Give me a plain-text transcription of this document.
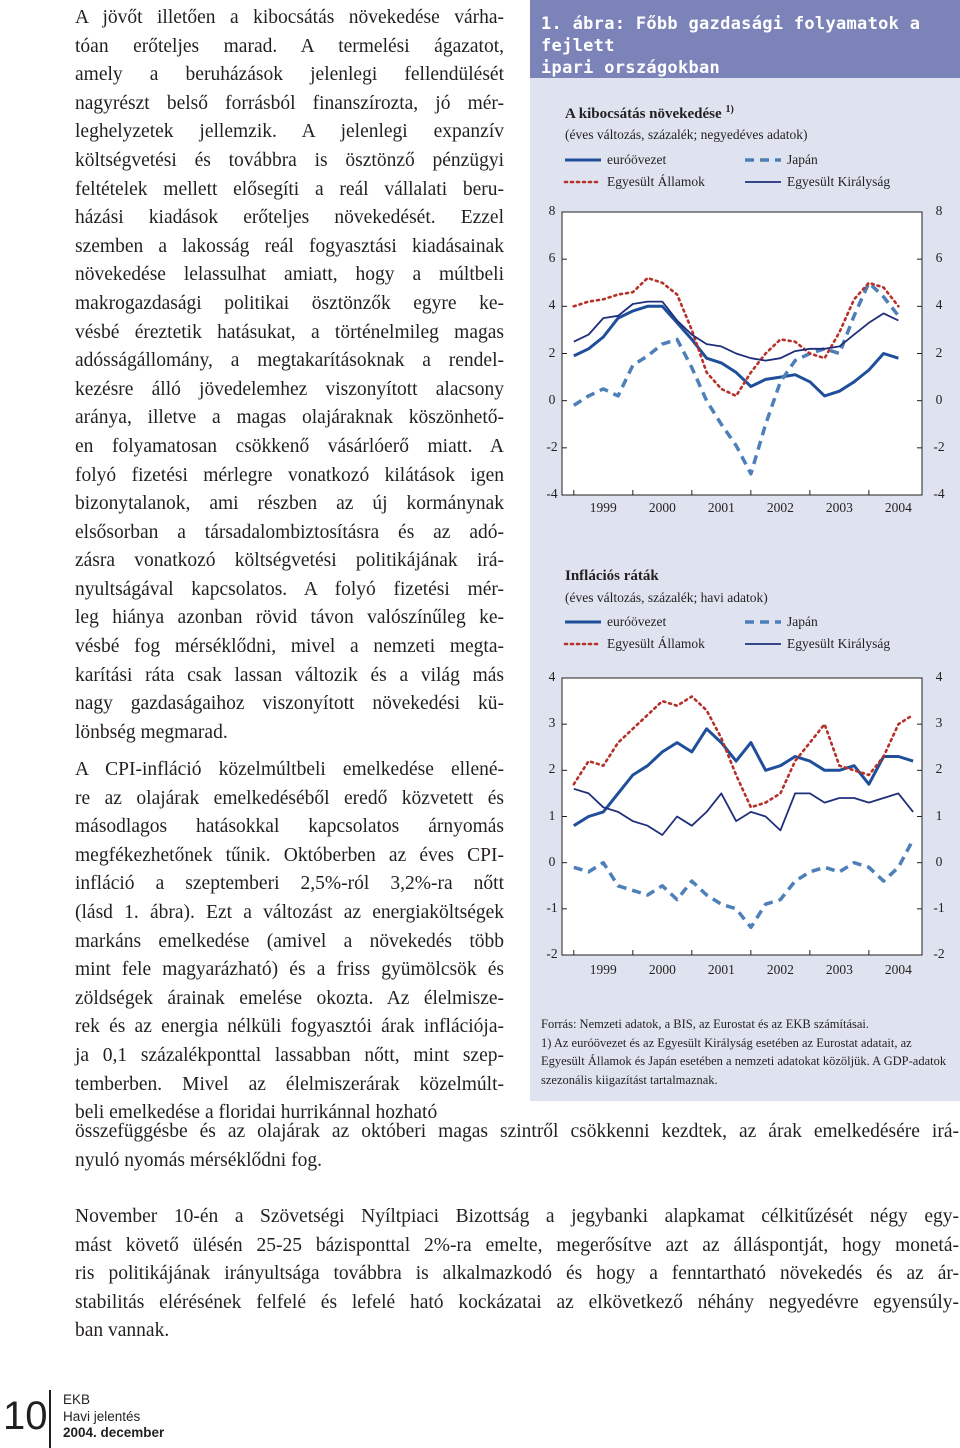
A jövőt illetően a kibocsátás növekedése várha-
tóan erőteljes marad. A termelési ágazatot,
amely a beruházások jelenlegi fellendülését
nagyrészt belső forrásból finanszírozta, jó mér-
leghelyzetek jellemzik. A jelenlegi expanzív
költségvetési és továbbra is ösztönző pénzügyi
feltételek mellett elősegíti a reál vállalati beru-
házási kiadások erőteljes növekedését. Ezzel
szemben a lakosság reál fogyasztási kiadásainak
növekedése lelassulhat amiatt, hogy a múltbeli
makrogazdasági politikai ösztönzők egyre ke-
vésbé éreztetik hatásukat, a történelmileg magas
adósságállomány, a megtakarításoknak a rendel-
kezésre álló jövedelemhez viszonyított alacsony
aránya, illetve a magas olajáraknak köszönhető-
en folyamatosan csökkenő vásárlóerő miatt. A
folyó fizetési mérlegre vonatkozó kilátások igen
bizonytalanok, ami részben az új kormánynak
elsősorban a társadalombiztosításra és az adó-
zásra vonatkozó költségvetési politikájának irá-
nyultságával kapcsolatos. A folyó fizetési mér-
leg hiánya azonban rövid távon valószínűleg ke-
vésbé fog mérséklődni, mivel a nemzeti megta-
karítási ráta csak lassan változik és a világ más
nagy gazdaságaihoz viszonyított növekedési kü-
lönbség megmarad.
A CPI-infláció közelmúltbeli emelkedése ellené-
re az olajárak emelkedéséből eredő közvetett és
másodlagos hatásokkal kapcsolatos árnyomás
megfékezhetőnek tűnik. Októberben az éves CPI-
infláció a szeptemberi 2,5%-ról 3,2%-ra nőtt
(lásd 1. ábra). Ezt a változást az energiaköltségek
markáns emelkedése (amivel a növekedés több
mint fele magyarázható) és a friss gyümölcsök és
zöldségek árainak emelése okozta. Az élelmisze-
rek és az energia nélküli fogyasztói árak inflációja-
ja 0,1 százalékponttal lassabban nőtt, mint szep-
temberben. Mivel az élelmiszerárak közelmúlt-
beli emelkedése a floridai hurrikánnal hozható
összefüggésbe és az olajárak az októberi magas szintről csökkenni kezdtek, az árak emelkedésére irá-
nyuló nyomás mérséklődni fog.
November 10-én a Szövetségi Nyíltpiaci Bizottság a jegybanki alapkamat célkitűzését négy egy-
mást követő ülésén 25-25 bázisponttal 2%-ra emelte, megerősítve azt az álláspontját, hogy monetá-
ris politikájának irányultsága továbbra is alkalmazkodó és hogy a fenntartható növekedés és az ár-
stabilitás elérésének felfelé és lefelé ható kockázatai az elkövetkező néhány negyedévre egyensúly-
ban vannak.
1. ábra: Főbb gazdasági folyamatok a fejlett
ipari országokban
A kibocsátás növekedése $^{1)}$
(éves változás, százalék; negyedéves adatok)
euróövezet	Japán
Egyesült Államok	Egyesült Királyság
Inflációs ráták
(éves változás, százalék; havi adatok)
euróövezet	Japán
Egyesült Államok	Egyesült Királyság
8	8
6	6
4	4
2	2
0	0
-2	-2
-4	-4
1999	2000	2001	2002	2003	2004
4	4
3	3
2	2
1	1
0	0
-1	-1
-2	-2
1999	2000	2001	2002	2003	2004
Forrás: Nemzeti adatok, a BIS, az Eurostat és az EKB számításai.
1) Az euróövezet és az Egyesült Királyság esetében az Eurostat adatait, az Egyesült Államok és Japán esetében a nemzeti adatokat közöljük. A GDP-adatok szezonális kiigazítást tartalmaznak.
10 EKB
Havi jelentés
2004. december
